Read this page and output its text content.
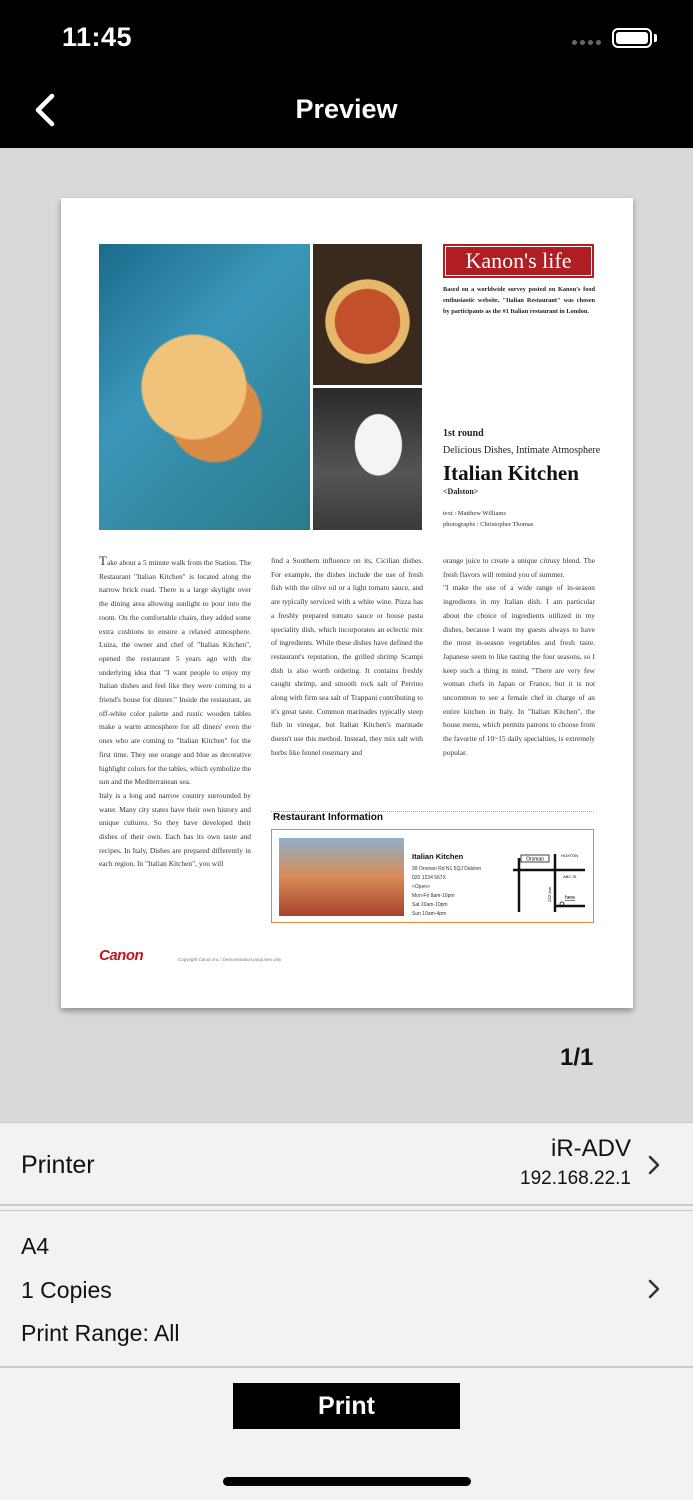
11:45
Preview
Kanon's life
Based on a worldwide survey posted on Kanon's food enthusiastic website, "Italian Restaurant" was chosen by participants as the #1 Italian restaurant in London.
1st round
Delicious Dishes, Intimate Atmosphere
Italian Kitchen
<Dalston>
text : Matthew Williams
photographs : Christopher Thomas
Take about a 5 minute walk from the Station. The Restaurant "Italian Kitchen" is located along the narrow brick road. There is a large skylight over the dining area allowing sunlight to pour into the room. On the comfortable chairs, they added some extra cushions to ensure a relaxed atmosphere. Luiza, the owner and chef of "Italian Kitchen", opened the restaurant 5 years ago with the underlying idea that "I want people to enjoy my Italian dishes and feel like they were coming to a friend's house for dinner." Inside the restaurant, an off-white color palette and rustic wooden tables make a warm atmosphere for all diners' even the ones who are coming to "Italian Kitchen" for the first time. They use orange and blue as decorative highlight colors for the tables, which symbolize the sun and the Mediterranean sea.
Italy is a long and narrow country surrounded by water. Many city states have their own history and unique cultures. So they have developed their dishes of their own. Each has its own taste and recipes. In Italy, Dishes are prepared differently in each region. In "Italian Kitchen", you will
find a Southern influence on its, Cicilian dishes. For example, the dishes include the use of fresh fish with the olive oil or a light tomato sauce, and are typically serviced with a white wine. Pizza has a freshly prepared tomato sauce or house pasta speciality dish, which incorporates an eclectic mix of ingredients. While these dishes have defined the restaurant's reputation, the grilled shrimp Scampi dish is also worth ordering. It contains freshly caught shrimp, and smooth rock salt of Perrino along with firm sea salt of Trappani contributing to it's great taste. Common marinades typically steep fish in vinegar, but Italian Kitchen's marinade doesn't use this method. Instead, they mix salt with herbs like fennel rosemary and
orange juice to create a unique citrusy blend. The fresh flavors will remind you of summer.
"I make the use of a wide range of in-season ingredients in my Italian dish. I am particular about the choice of ingredients utilized in my dishes, because I want my guests always to have the most in-season vegetables and fresh taste. Japanese seem to like tasting the four seasons, so I keep such a thing in mind. "There are very few woman chefs in Japan or France, but it is not uncommon to see a female chef in charge of an entire kitchen in Italy. In "Italian Kitchen", the house menu, which permits patrons to choose from the favorite of 10~15 daily specialties, is extremely popular.
Restaurant Information
Italian Kitchen
99 Orsman Rd N1 5QJ Dalston
020 1234 567X
<Open>
Mon-Fri 8am-10pm
Sat 10am-10pm
Sun 10am-4pm
Orsman
HOXTON
ABC St.
ZZZ Ave.	here
Canon	Copyright Canon Inc / Demonstration purposes only
1/1
Printer
iR-ADV
192.168.22.1
A4
1 Copies
Print Range: All
Print
